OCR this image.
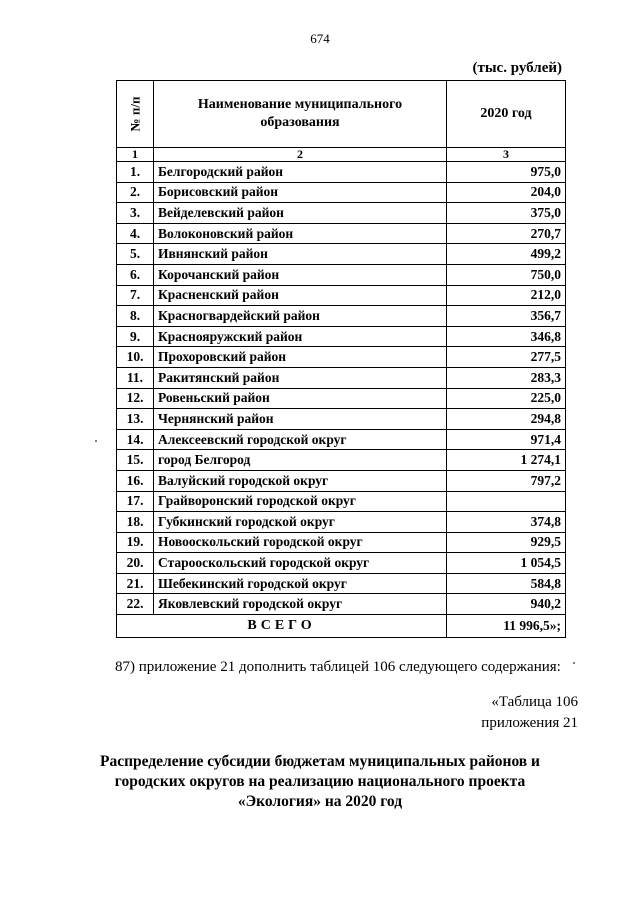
674
(тыс. рублей)
№ п/п	Наименование муниципального образования	2020 год
1	2	3
1.	Белгородский район	975,0
2.	Борисовский район	204,0
3.	Вейделевский район	375,0
4.	Волоконовский район	270,7
5.	Ивнянский район	499,2
6.	Корочанский район	750,0
7.	Красненский район	212,0
8.	Красногвардейский район	356,7
9.	Краснояружский район	346,8
10.	Прохоровский район	277,5
11.	Ракитянский район	283,3
12.	Ровеньский район	225,0
13.	Чернянский район	294,8
14.	Алексеевский городской округ	971,4
15.	город Белгород	1 274,1
16.	Валуйский городской округ	797,2
17.	Грайворонский городской округ	
18.	Губкинский городской округ	374,8
19.	Новооскольский городской округ	929,5
20.	Старооскольский городской округ	1 054,5
21.	Шебекинский городской округ	584,8
22.	Яковлевский городской округ	940,2
ВСЕГО		11 996,5»;
87) приложение 21 дополнить таблицей 106 следующего содержания:
«Таблица 106
приложения 21
Распределение субсидии бюджетам муниципальных районов и
городских округов на реализацию национального проекта
«Экология» на 2020 год
